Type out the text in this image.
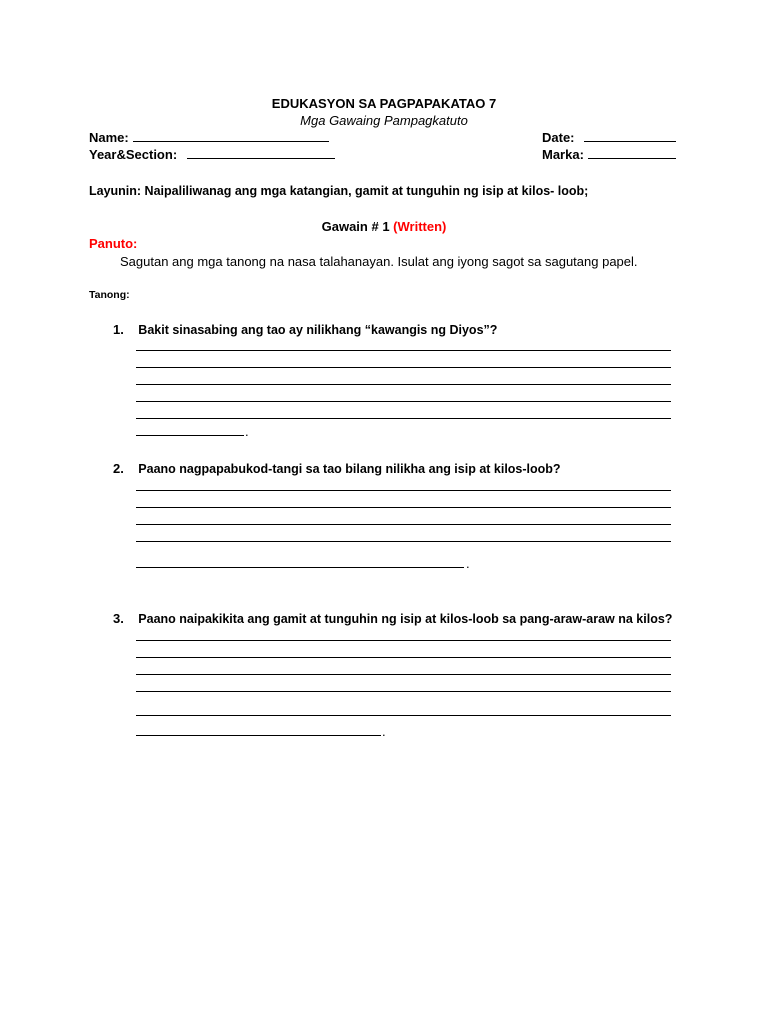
EDUKASYON SA PAGPAPAKATAO 7
Mga Gawaing Pampagkatuto
Name:
Year&Section:
Date:
Marka:
Layunin: Naipaliliwanag ang mga katangian, gamit at tunguhin ng isip at kilos- loob;
Gawain # 1 (Written)
Panuto:
Sagutan ang mga tanong na nasa talahanayan. Isulat ang iyong sagot sa sagutang papel.
Tanong:
1. Bakit sinasabing ang tao ay nilikhang “kawangis ng Diyos”?
.
2. Paano nagpapabukod-tangi sa tao bilang nilikha ang isip at kilos-loob?
.
3. Paano naipakikita ang gamit at tunguhin ng isip at kilos-loob sa pang-araw-araw na kilos?
.
